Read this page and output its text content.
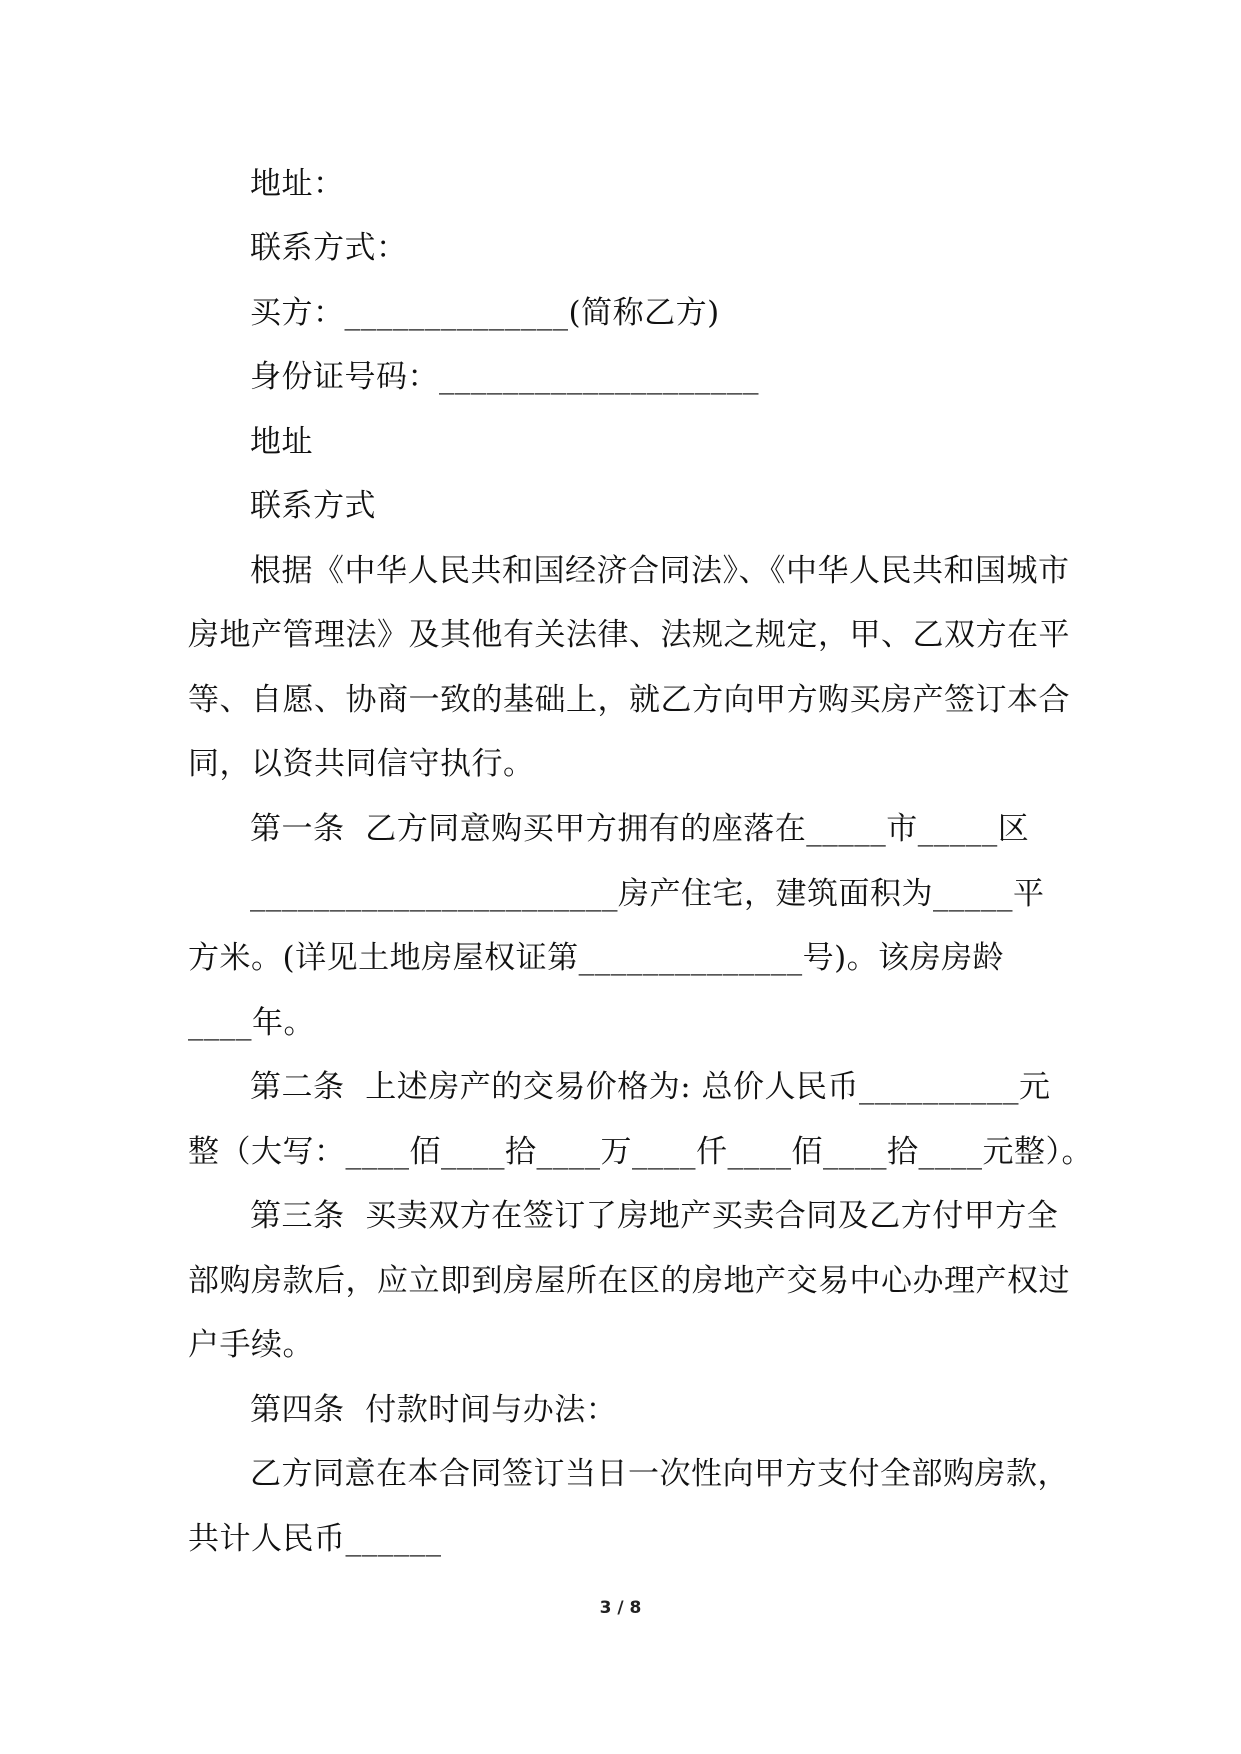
地址：
联系方式：
买方：______________(简称乙方)
身份证号码：____________________
地址
联系方式
根据《中华人民共和国经济合同法》、《中华人民共和国城市
房地产管理法》及其他有关法律、法规之规定，甲、乙双方在平
等、自愿、协商一致的基础上，就乙方向甲方购买房产签订本合
同，以资共同信守执行。
第一条  乙方同意购买甲方拥有的座落在_____市_____区
_______________________房产住宅，建筑面积为_____平
方米。(详见土地房屋权证第______________号)。该房房龄
____年。
第二条  上述房产的交易价格为: 总价人民币__________元
整（大写：____佰____拾____万____仟____佰____拾____元整）。
第三条  买卖双方在签订了房地产买卖合同及乙方付甲方全
部购房款后，应立即到房屋所在区的房地产交易中心办理产权过
户手续。
第四条  付款时间与办法：
乙方同意在本合同签订当日一次性向甲方支付全部购房款，
共计人民币______
3 / 8
